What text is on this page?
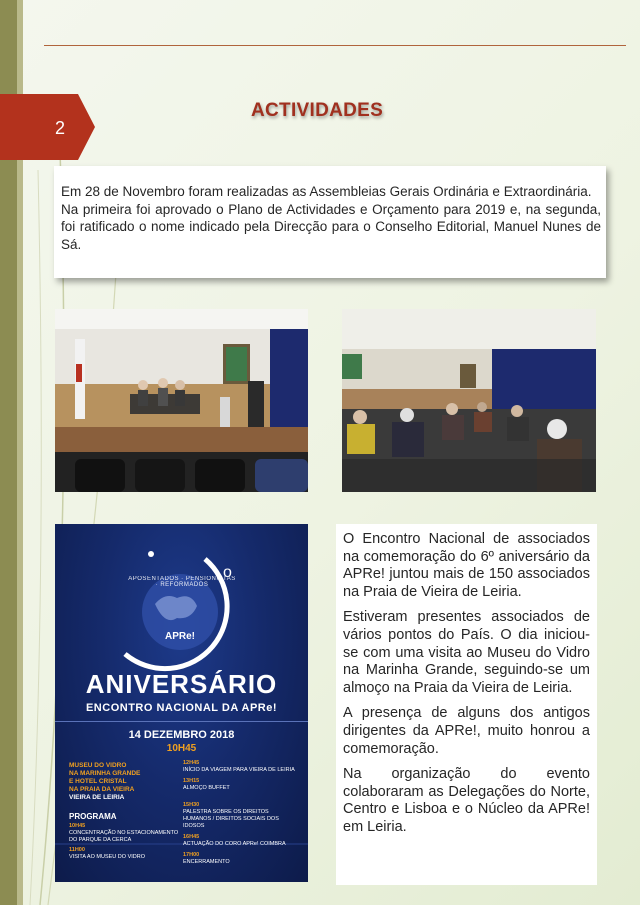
2
ACTIVIDADES

Em 28 de Novembro foram realizadas as Assembleias Gerais Ordinária e Extraordinária.

Na primeira foi aprovado o Plano de Actividades e Orçamento para 2019 e, na segunda, foi ratificado o nome indicado pela Direcção para o Conselho Editorial, Manuel Nunes de Sá.

APRe!
APOSENTADOS · PENSIONISTAS · REFORMADOS
o
ANIVERSÁRIO
ENCONTRO NACIONAL DA APRe!
14 DEZEMBRO 2018
10H45
MUSEU DO VIDRO
NA MARINHA GRANDE
E HOTEL CRISTAL
NA PRAIA DA VIEIRA
VIEIRA DE LEIRIA
PROGRAMA
10H45
CONCENTRAÇÃO NO ESTACIONAMENTO DO PARQUE DA CERCA
11H00
VISITA AO MUSEU DO VIDRO
12H45
INÍCIO DA VIAGEM PARA VIEIRA DE LEIRIA
13H15
ALMOÇO BUFFET
15H30
PALESTRA SOBRE OS DIREITOS HUMANOS / DIREITOS SOCIAIS DOS IDOSOS
16H45
ACTUAÇÃO DO CORO APRe! COIMBRA
17H00
ENCERRAMENTO

O Encontro Nacional de associados na comemoração do 6º aniversário da APRe! juntou mais de 150 associados na Praia de Vieira de Leiria.

Estiveram presentes associados de vários pontos do País. O dia iniciou-se com uma visita ao Museu do Vidro na Marinha Grande, seguindo-se um almoço na Praia da Vieira de Leiria.

A presença de alguns dos antigos dirigentes da APRe!, muito honrou a comemoração.

Na organização do evento colaboraram as Delegações do Norte, Centro e Lisboa e o Núcleo da APRe! em Leiria.
